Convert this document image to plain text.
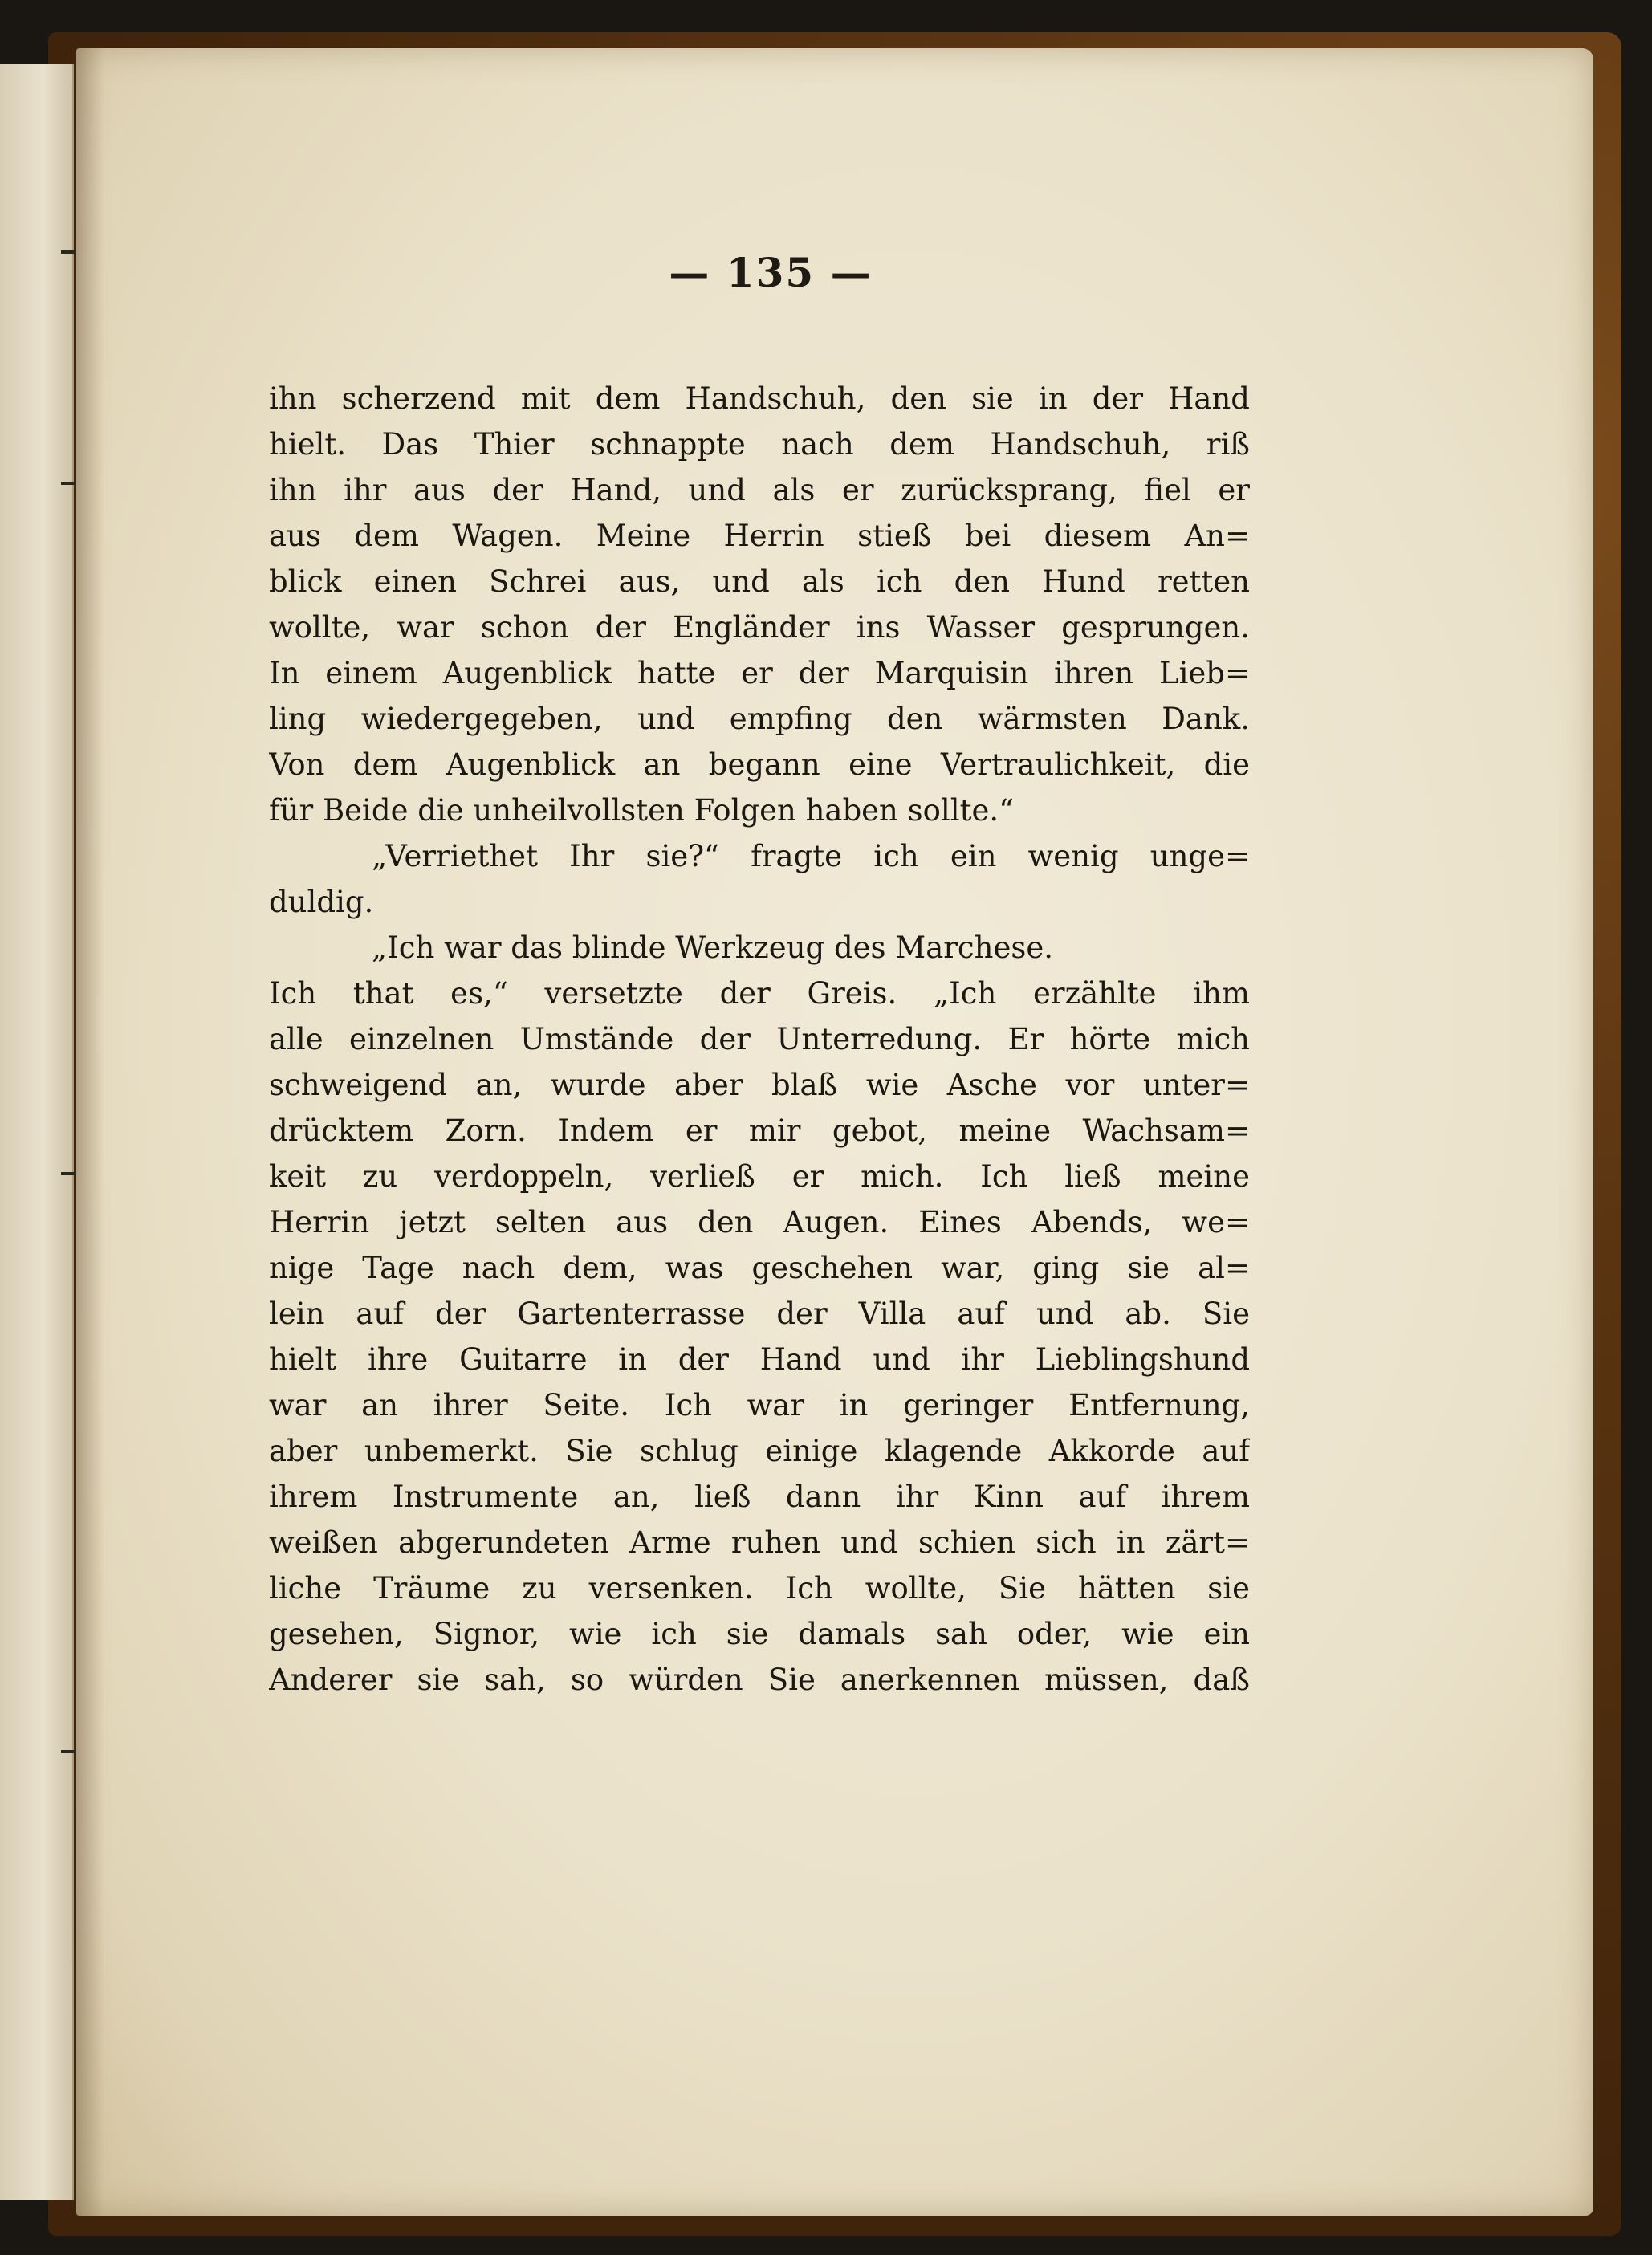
— 135 —
ihn scherzend mit dem Handschuh, den sie in der Hand
hielt. Das Thier schnappte nach dem Handschuh, riß
ihn ihr aus der Hand, und als er zurücksprang, fiel er
aus dem Wagen. Meine Herrin stieß bei diesem An=
blick einen Schrei aus, und als ich den Hund retten
wollte, war schon der Engländer ins Wasser gesprungen.
In einem Augenblick hatte er der Marquisin ihren Lieb=
ling wiedergegeben, und empfing den wärmsten Dank.
Von dem Augenblick an begann eine Vertraulichkeit, die
für Beide die unheilvollsten Folgen haben sollte.“
„Verriethet Ihr sie?“ fragte ich ein wenig unge=
duldig.
„Ich war das blinde Werkzeug des Marchese.
Ich that es,“ versetzte der Greis. „Ich erzählte ihm
alle einzelnen Umstände der Unterredung. Er hörte mich
schweigend an, wurde aber blaß wie Asche vor unter=
drücktem Zorn. Indem er mir gebot, meine Wachsam=
keit zu verdoppeln, verließ er mich. Ich ließ meine
Herrin jetzt selten aus den Augen. Eines Abends, we=
nige Tage nach dem, was geschehen war, ging sie al=
lein auf der Gartenterrasse der Villa auf und ab. Sie
hielt ihre Guitarre in der Hand und ihr Lieblingshund
war an ihrer Seite. Ich war in geringer Entfernung,
aber unbemerkt. Sie schlug einige klagende Akkorde auf
ihrem Instrumente an, ließ dann ihr Kinn auf ihrem
weißen abgerundeten Arme ruhen und schien sich in zärt=
liche Träume zu versenken. Ich wollte, Sie hätten sie
gesehen, Signor, wie ich sie damals sah oder, wie ein
Anderer sie sah, so würden Sie anerkennen müssen, daß
